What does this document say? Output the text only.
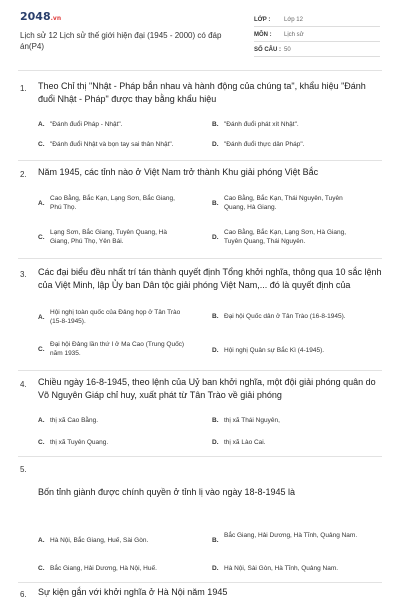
2048.vn
Lịch sử 12 Lịch sử thế giới hiện đại (1945 - 2000) có đáp án(P4)
LỚP : Lớp 12
MÔN : Lịch sử
SỐ CÂU : 50
1. Theo Chỉ thị "Nhật - Pháp bắn nhau và hành động của chúng ta", khẩu hiệu "Đánh đuổi Nhật - Pháp" được thay bằng khẩu hiệu
A. "Đánh đuổi Pháp - Nhật".	B. "Đánh đuổi phát xít Nhật".
C. "Đánh đuổi Nhật và bọn tay sai thân Nhật".	D. "Đánh đuổi thực dân Pháp".
2. Năm 1945, các tỉnh nào ở Việt Nam trở thành Khu giải phóng Việt Bắc
A.
Cao Bằng, Bắc Kạn, Lạng Sơn, Bắc Giang, Phú Thọ.
B.
Cao Bằng, Bắc Kạn, Thái Nguyên, Tuyên Quang, Hà Giang.
C.
Lạng Sơn, Bắc Giang, Tuyên Quang, Hà Giang, Phú Thọ, Yên Bái.
D.
Cao Bằng, Bắc Kạn, Lạng Sơn, Hà Giang, Tuyên Quang, Thái Nguyên.
3. Các đại biểu đều nhất trí tán thành quyết định Tổng khởi nghĩa, thông qua 10 sắc lệnh của Việt Minh, lập Ủy ban Dân tộc giải phóng Việt Nam,... đó là quyết định của
A.
Hội nghị toàn quốc của Đảng họp ở Tân Trào (15-8-1945).
B. Đại hội Quốc dân ở Tân Trào (16-8-1945).
C.
Đại hội Đảng lần thứ I ở Ma Cao (Trung Quốc) năm 1935.	D. Hội nghị Quân sự Bắc Kì (4-1945).
4. Chiều ngày 16-8-1945, theo lệnh của Uỷ ban khởi nghĩa, một đội giải phóng quân do Võ Nguyên Giáp chỉ huy, xuất phát từ Tân Trào về giải phóng
A. thị xã Cao Bằng.	B. thị xã Thái Nguyên,
C. thị xã Tuyên Quang.	D. thị xã Lào Cai.
5.
Bốn tỉnh giành được chính quyền ở tỉnh lị vào ngày 18-8-1945 là
A. Hà Nội, Bắc Giang, Huế, Sài Gòn.	B.
Bắc Giang, Hải Dương, Hà Tĩnh, Quảng Nam.
C. Bắc Giang, Hải Dương, Hà Nội, Huế.	D. Hà Nội, Sài Gòn, Hà Tĩnh, Quảng Nam.
6. Sự kiện gắn với khởi nghĩa ở Hà Nội năm 1945
